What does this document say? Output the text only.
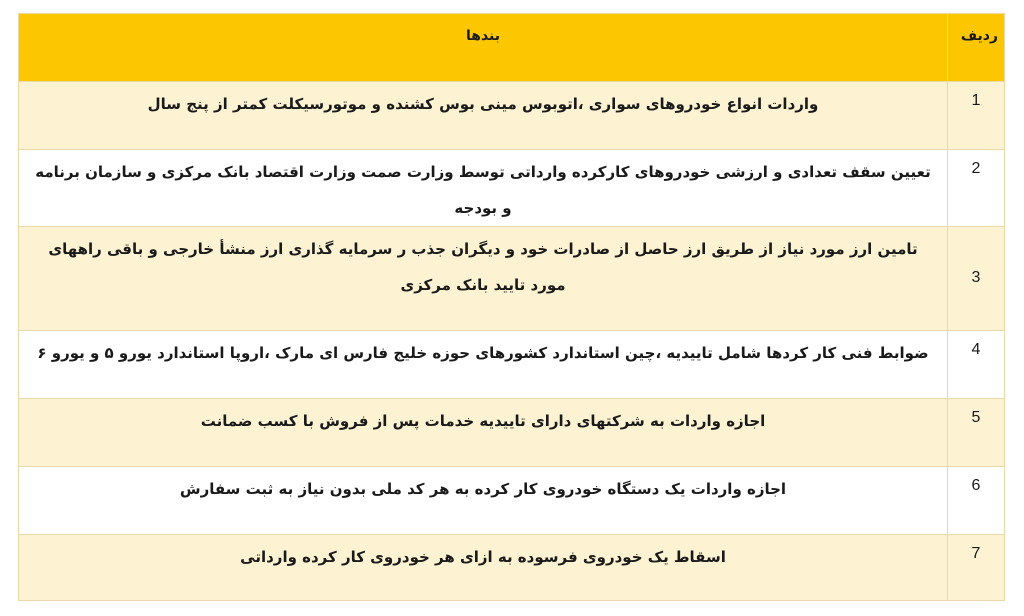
ردیف	بندها
1	واردات انواع خودروهای سواری ،اتوبوس مینی بوس کشنده و موتورسیکلت کمتر از پنج سال
2	تعیین سقف تعدادی و ارزشی خودروهای کارکرده وارداتی توسط وزارت صمت وزارت اقتصاد بانک مرکزی و سازمان برنامه و بودجه
3	تامین ارز مورد نیاز از طریق ارز حاصل از صادرات خود و دیگران جذب ر سرمایه گذاری ارز منشأ خارجی و باقی راههای مورد تایید بانک مرکزی
4	ضوابط فنی کار کردها شامل تاییدیه ،چین استاندارد کشورهای حوزه خلیج فارس ای مارک ،اروپا استاندارد یورو ۵ و یورو ۶
5	اجازه واردات به شرکتهای دارای تاییدیه خدمات پس از فروش با کسب ضمانت
6	اجازه واردات یک دستگاه خودروی کار کرده به هر کد ملی بدون نیاز به ثبت سفارش
7	اسقاط یک خودروی فرسوده به ازای هر خودروی کار کرده وارداتی
